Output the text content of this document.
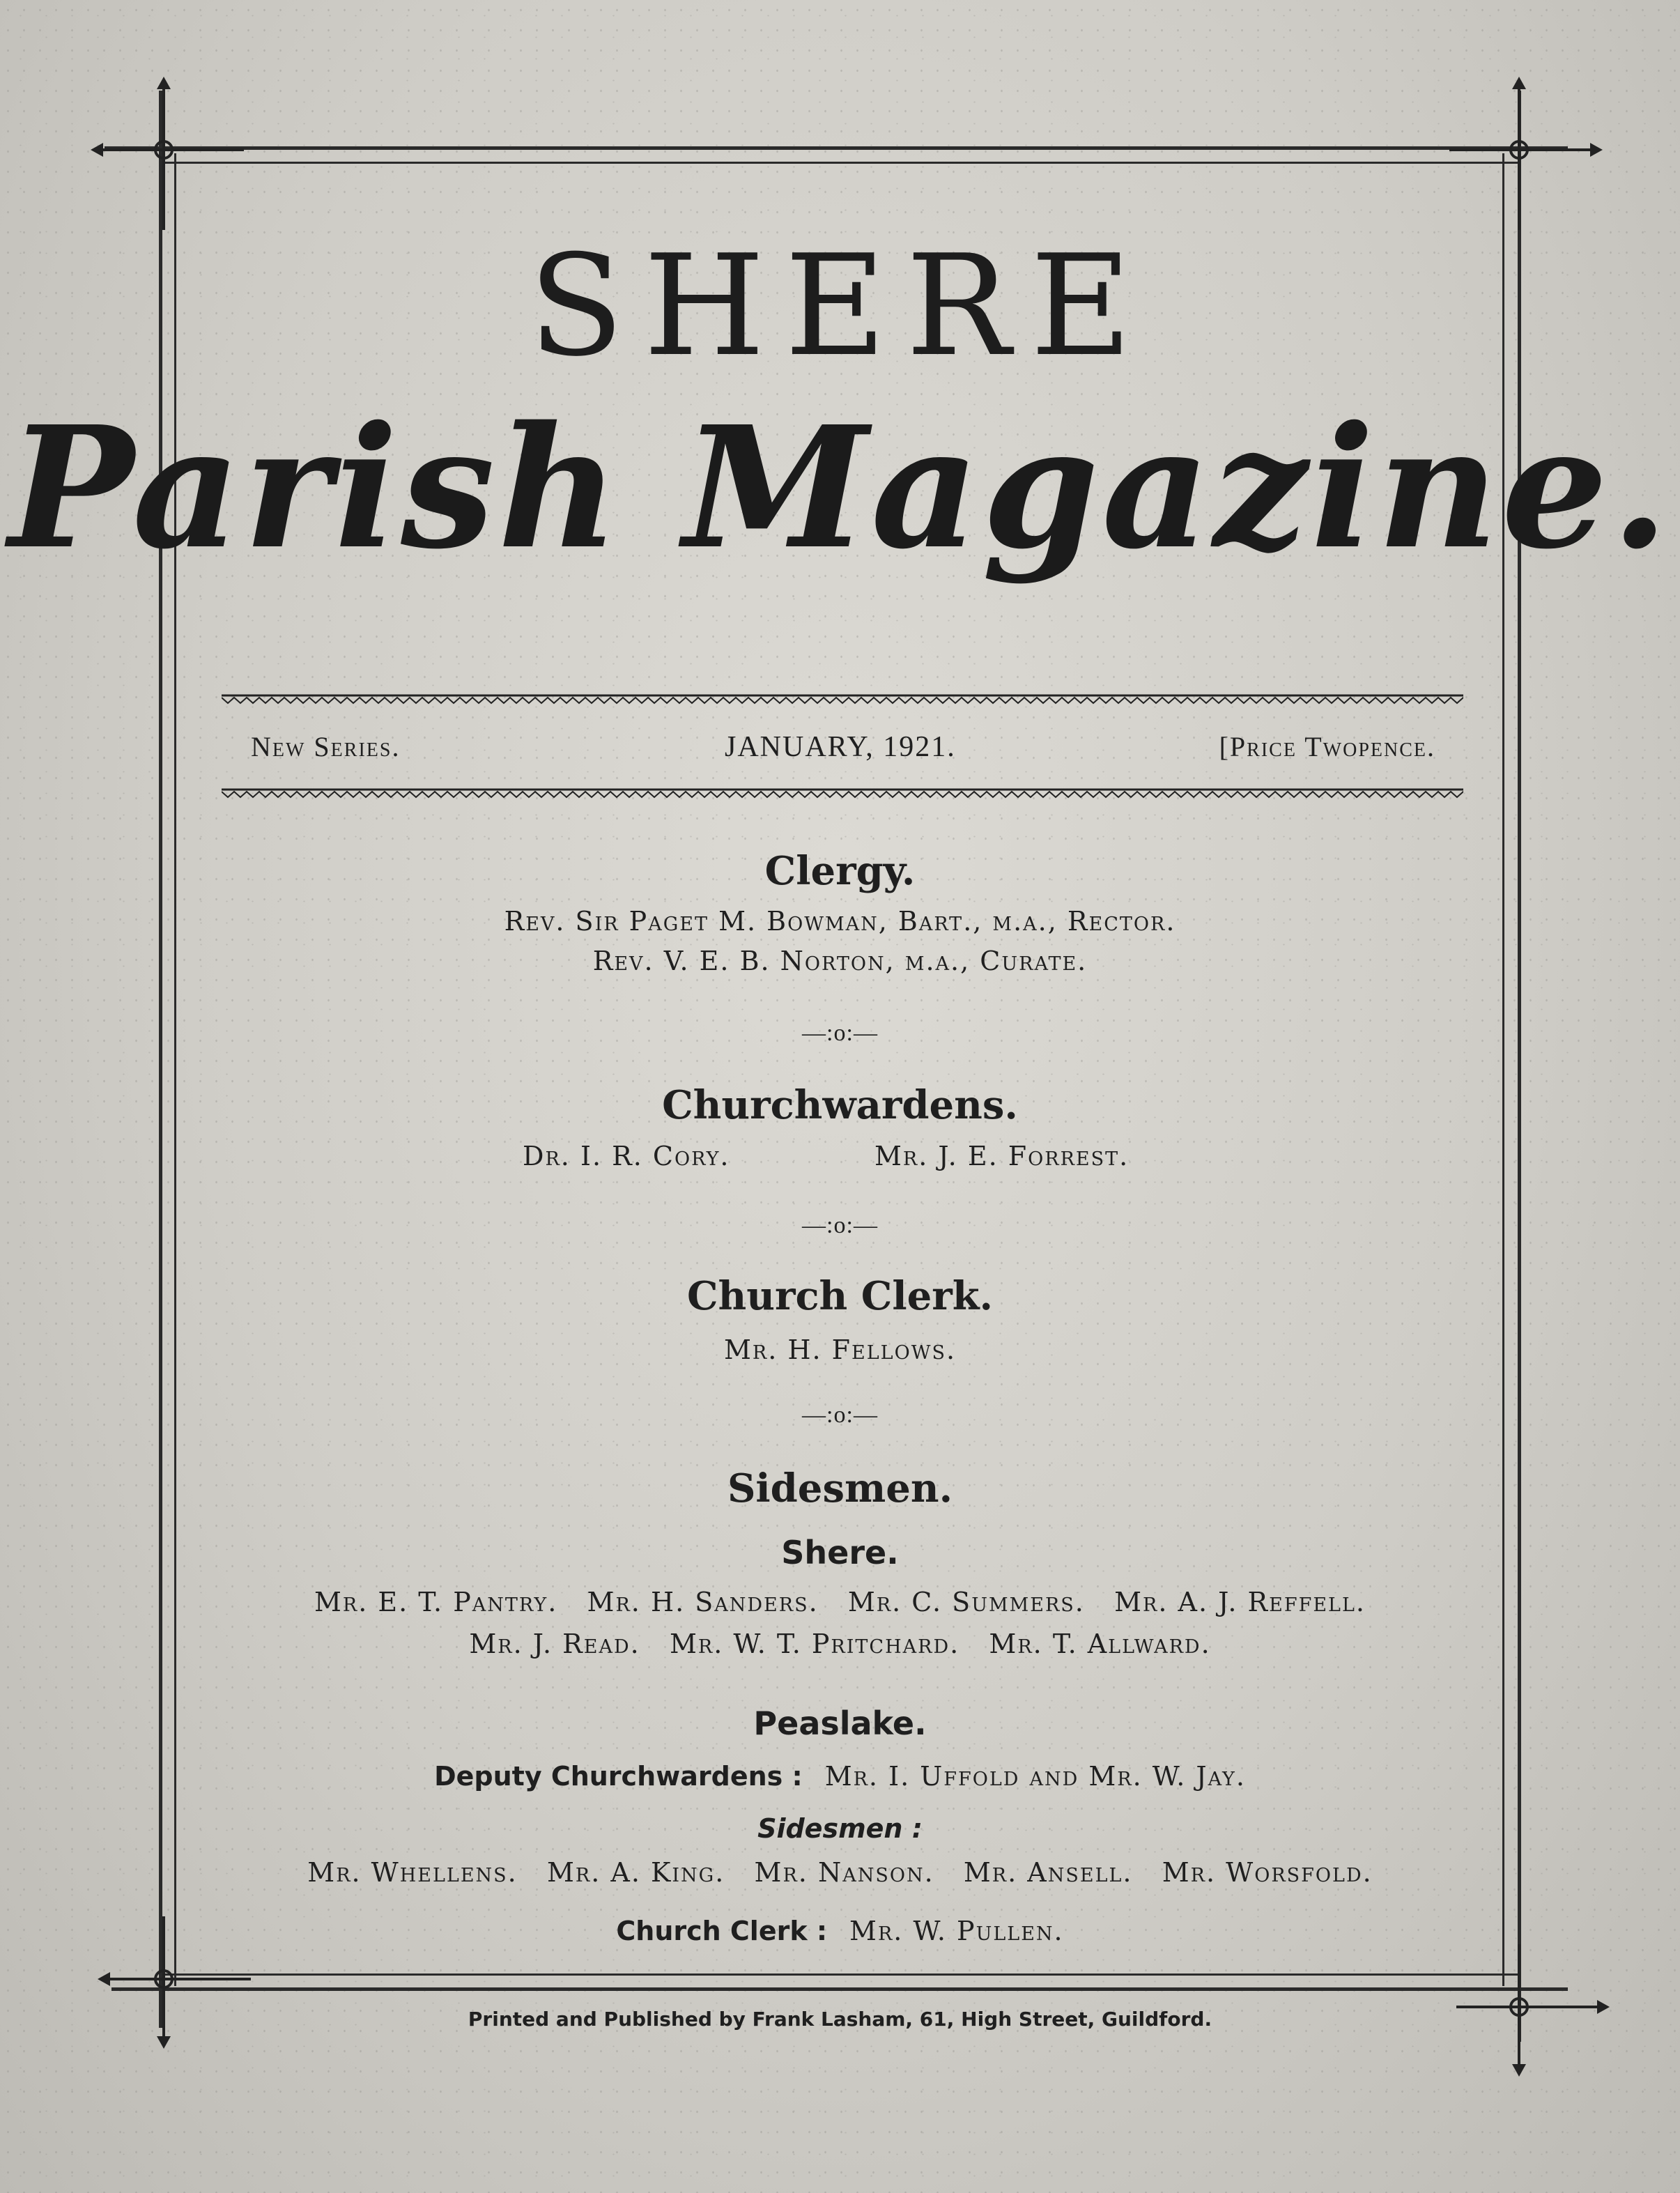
SHERE
Parish Magazine.
New Series.	JANUARY, 1921.	[Price Twopence.
Clergy.
Rev. Sir Paget M. Bowman, Bart., m.a., Rector.
Rev. V. E. B. Norton, m.a., Curate.
—:o:—
Churchwardens.
Dr. I. R. Cory.	Mr. J. E. Forrest.
—:o:—
Church Clerk.
Mr. H. Fellows.
—:o:—
Sidesmen.
Shere.
Mr. E. T. Pantry.   Mr. H. Sanders.   Mr. C. Summers.   Mr. A. J. Reffell.
Mr. J. Read.   Mr. W. T. Pritchard.   Mr. T. Allward.
Peaslake.
Deputy Churchwardens : Mr. I. Uffold and Mr. W. Jay.
Sidesmen :
Mr. Whellens.   Mr. A. King.   Mr. Nanson.   Mr. Ansell.   Mr. Worsfold.
Church Clerk : Mr. W. Pullen.
Printed and Published by Frank Lasham, 61, High Street, Guildford.
